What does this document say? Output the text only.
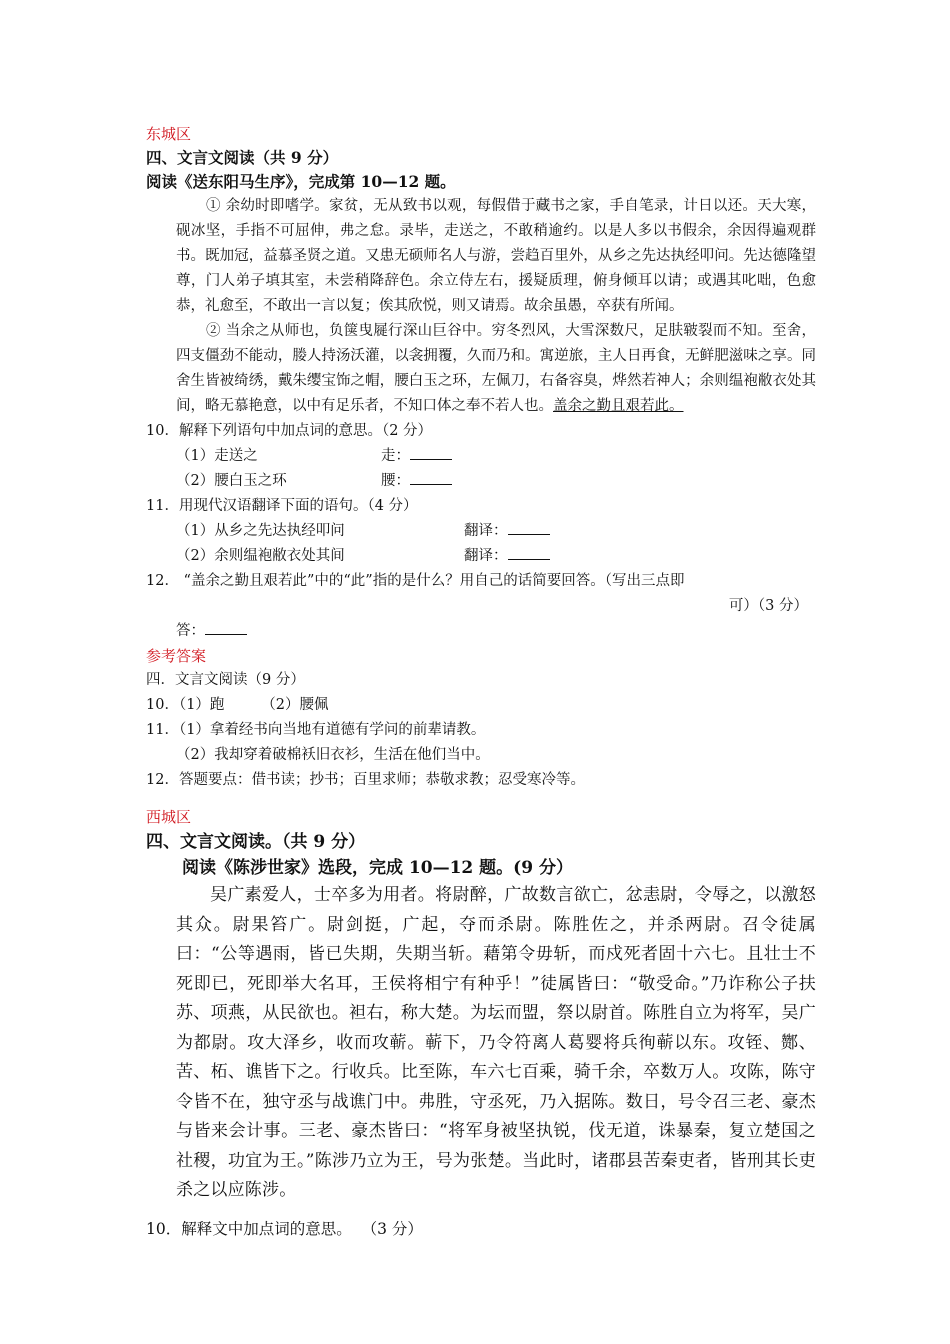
东城区
四、文言文阅读（共 9 分）
阅读《送东阳马生序》，完成第 10—12 题。
① 余幼时即嗜学。家贫，无从致书以观，每假借于藏书之家，手自笔录，计日以还。天大寒，砚冰坚，手指不可屈伸，弗之怠。录毕，走送之，不敢稍逾约。以是人多以书假余，余因得遍观群书。既加冠，益慕圣贤之道。又患无硕师名人与游，尝趋百里外，从乡之先达执经叩问。先达德隆望尊，门人弟子填其室，未尝稍降辞色。余立侍左右，援疑质理，俯身倾耳以请；或遇其叱咄，色愈恭，礼愈至，不敢出一言以复；俟其欣悦，则又请焉。故余虽愚，卒获有所闻。
② 当余之从师也，负箧曳屣行深山巨谷中。穷冬烈风，大雪深数尺，足肤皲裂而不知。至舍，四支僵劲不能动，媵人持汤沃灌，以衾拥覆，久而乃和。寓逆旅，主人日再食，无鲜肥滋味之享。同舍生皆被绮绣，戴朱缨宝饰之帽，腰白玉之环，左佩刀，右备容臭，烨然若神人；余则缊袍敝衣处其间，略无慕艳意，以中有足乐者，不知口体之奉不若人也。盖余之勤且艰若此。
10．解释下列语句中加点词的意思。（2 分）
（1）走送之	走：
（2）腰白玉之环	腰：
11．用现代汉语翻译下面的语句。（4 分）
（1）从乡之先达执经叩问	翻译：
（2）余则缊袍敝衣处其间	翻译：
12． “盖余之勤且艰若此”中的“此”指的是什么？用自己的话简要回答。（写出三点即
可）（3 分）
答：
参考答案
四．文言文阅读（9 分）
10．（1）跑        （2）腰佩
11．（1）拿着经书向当地有道德有学问的前辈请教。
（2）我却穿着破棉袄旧衣衫，生活在他们当中。
12．答题要点：借书读；抄书；百里求师；恭敬求教；忍受寒冷等。
西城区
四、文言文阅读。（共 9 分）
阅读《陈涉世家》选段，完成 10—12 题。(9 分）
吴广素爱人，士卒多为用者。将尉醉，广故数言欲亡，忿恚尉，令辱之，以激怒其众。尉果笞广。尉剑挺，广起，夺而杀尉。陈胜佐之，并杀两尉。召令徒属曰：“公等遇雨，皆已失期，失期当斩。藉第令毋斩，而戍死者固十六七。且壮士不死即已，死即举大名耳，王侯将相宁有种乎！”徒属皆曰：“敬受命。”乃诈称公子扶苏、项燕，从民欲也。袒右，称大楚。为坛而盟，祭以尉首。陈胜自立为将军，吴广为都尉。攻大泽乡，收而攻蕲。蕲下，乃令符离人葛婴将兵徇蕲以东。攻铚、酂、苦、柘、谯皆下之。行收兵。比至陈，车六七百乘，骑千余，卒数万人。攻陈，陈守令皆不在，独守丞与战谯门中。弗胜，守丞死，乃入据陈。数日，号令召三老、豪杰与皆来会计事。三老、豪杰皆曰：“将军身被坚执锐，伐无道，诛暴秦，复立楚国之社稷，功宜为王。”陈涉乃立为王，号为张楚。当此时，诸郡县苦秦吏者，皆刑其长吏杀之以应陈涉。
10．解释文中加点词的意思。  （3 分）
